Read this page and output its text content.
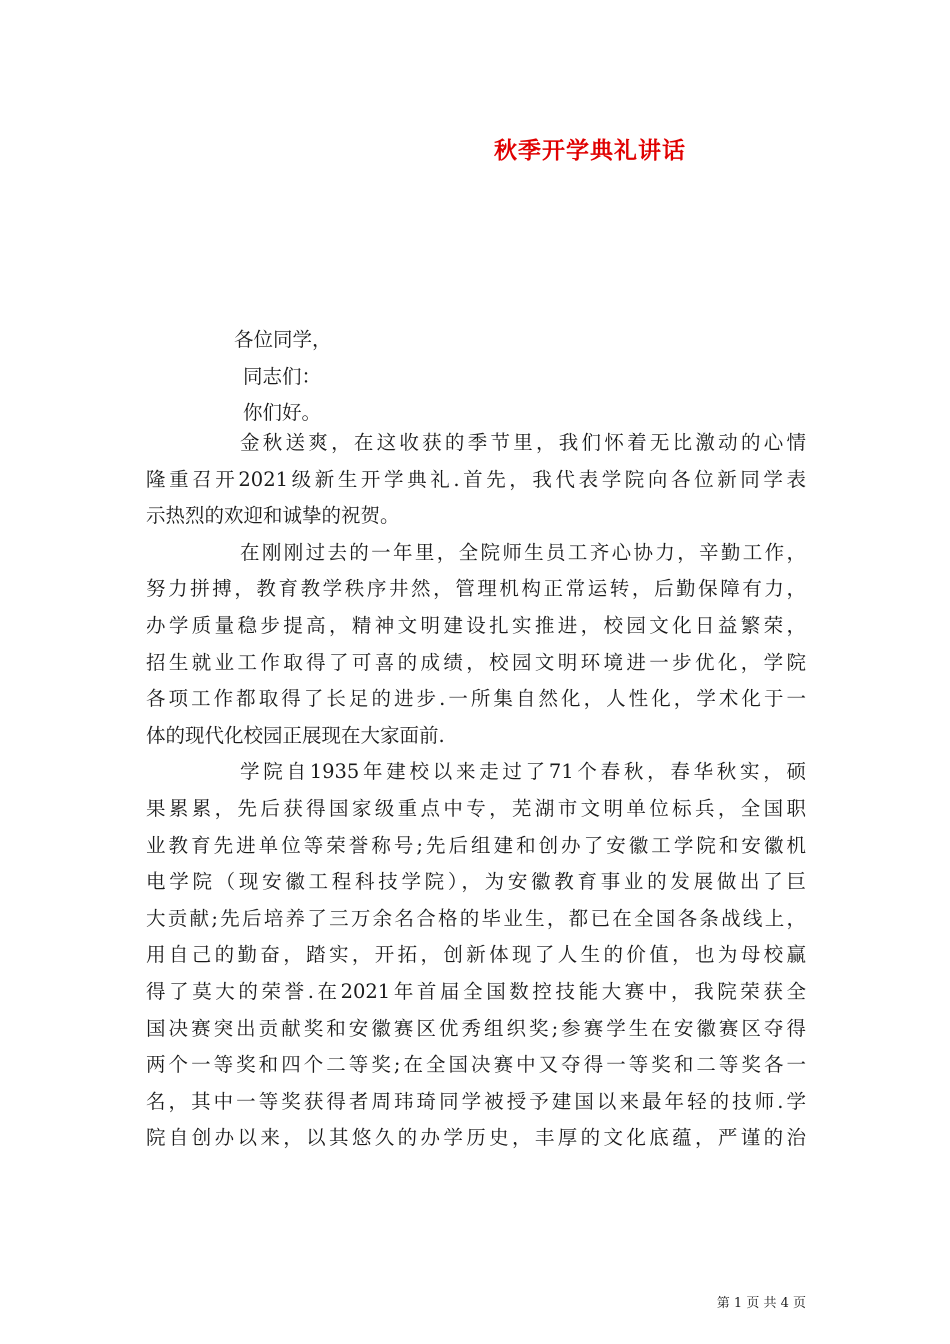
秋季开学典礼讲话
各位同学，
同志们：
你们好。

金秋送爽，在这收获的季节里，我们怀着无比激动的心情
隆重召开2021级新生开学典礼.首先，我代表学院向各位新同学表
示热烈的欢迎和诚挚的祝贺。

在刚刚过去的一年里，全院师生员工齐心协力，辛勤工作，
努力拼搏，教育教学秩序井然，管理机构正常运转，后勤保障有力，
办学质量稳步提高，精神文明建设扎实推进，校园文化日益繁荣，
招生就业工作取得了可喜的成绩，校园文明环境进一步优化，学院
各项工作都取得了长足的进步.一所集自然化，人性化，学术化于一
体的现代化校园正展现在大家面前.

学院自1935年建校以来走过了71个春秋，春华秋实，硕
果累累，先后获得国家级重点中专，芜湖市文明单位标兵，全国职
业教育先进单位等荣誉称号;先后组建和创办了安徽工学院和安徽机
电学院（现安徽工程科技学院），为安徽教育事业的发展做出了巨
大贡献;先后培养了三万余名合格的毕业生，都已在全国各条战线上，
用自己的勤奋，踏实，开拓，创新体现了人生的价值，也为母校赢
得了莫大的荣誉.在2021年首届全国数控技能大赛中，我院荣获全
国决赛突出贡献奖和安徽赛区优秀组织奖;参赛学生在安徽赛区夺得
两个一等奖和四个二等奖;在全国决赛中又夺得一等奖和二等奖各一
名，其中一等奖获得者周玮琦同学被授予建国以来最年轻的技师.学
院自创办以来，以其悠久的办学历史，丰厚的文化底蕴，严谨的治

第 1 页 共 4 页
